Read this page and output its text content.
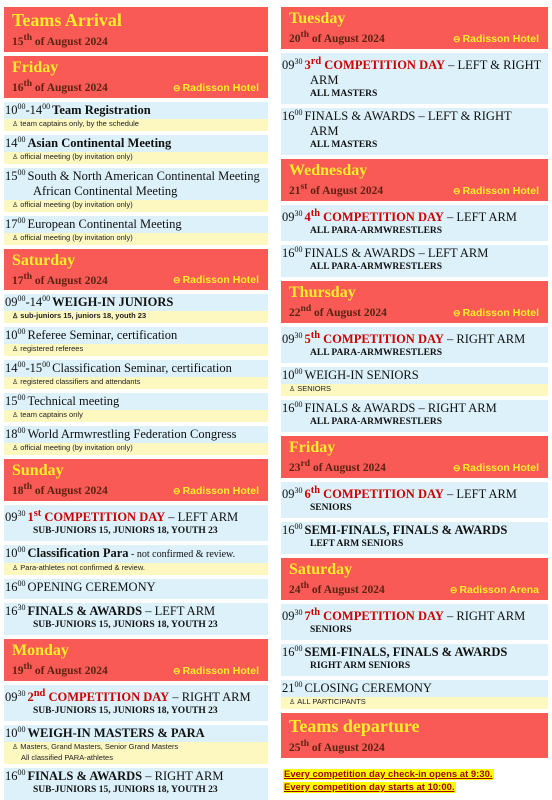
Teams Arrival
15th of August 2024
Friday
16th of August 2024	⊖ Radisson Hotel
$10^{00}-14^{00}$ Team Registration
♙ team captains only, by the schedule
$14^{00}$ Asian Continental Meeting
♙ official meeting (by invitation only)
$15^{00}$ South & North American Continental Meeting
African Continental Meeting
♙ official meeting (by invitation only)
$17^{00}$ European Continental Meeting
♙ official meeting (by invitation only)
Saturday
17th of August 2024	⊖ Radisson Hotel
$09^{00}-14^{00}$ WEIGH-IN JUNIORS
♙ sub-juniors 15, juniors 18, youth 23
$10^{00}$ Referee Seminar, certification
♙ registered referees
$14^{00}-15^{00}$ Classification Seminar, certification
♙ registered classifiers and attendants
$15^{00}$ Technical meeting
♙ team captains only
$18^{00}$ World Armwrestling Federation Congress
♙ official meeting (by invitation only)
Sunday
18th of August 2024	⊖ Radisson Hotel
$09^{30}$ 1st COMPETITION DAY – LEFT ARM
SUB-JUNIORS 15, JUNIORS 18, YOUTH 23
$10^{00}$ Classification Para - not confirmed & review.
♙ Para-athletes not confirmed & review.
$16^{00}$ OPENING CEREMONY
$16^{30}$ FINALS & AWARDS – LEFT ARM
SUB-JUNIORS 15, JUNIORS 18, YOUTH 23
Monday
19th of August 2024	⊖ Radisson Hotel
$09^{30}$ 2nd COMPETITION DAY – RIGHT ARM
SUB-JUNIORS 15, JUNIORS 18, YOUTH 23
$10^{00}$ WEIGH-IN MASTERS & PARA
♙ Masters, Grand Masters, Senior Grand Masters
All classified PARA-athletes
$16^{00}$ FINALS & AWARDS – RIGHT ARM
SUB-JUNIORS 15, JUNIORS 18, YOUTH 23
Tuesday
20th of August 2024	⊖ Radisson Hotel
$09^{30}$ 3rd COMPETITION DAY – LEFT & RIGHT
ARM
ALL MASTERS
$16^{00}$ FINALS & AWARDS – LEFT & RIGHT
ARM
ALL MASTERS
Wednesday
21st of August 2024	⊖ Radisson Hotel
$09^{30}$ 4th COMPETITION DAY – LEFT ARM
ALL PARA-ARMWRESTLERS
$16^{00}$ FINALS & AWARDS – LEFT ARM
ALL PARA-ARMWRESTLERS
Thursday
22nd of August 2024	⊖ Radisson Hotel
$09^{30}$ 5th COMPETITION DAY – RIGHT ARM
ALL PARA-ARMWRESTLERS
$10^{00}$ WEIGH-IN SENIORS
♙ SENIORS
$16^{00}$ FINALS & AWARDS – RIGHT ARM
ALL PARA-ARMWRESTLERS
Friday
23rd of August 2024	⊖ Radisson Hotel
$09^{30}$ 6th COMPETITION DAY – LEFT ARM
SENIORS
$16^{00}$ SEMI-FINALS, FINALS & AWARDS
LEFT ARM SENIORS
Saturday
24th of August 2024	⊖ Radisson Arena
$09^{30}$ 7th COMPETITION DAY – RIGHT ARM
SENIORS
$16^{00}$ SEMI-FINALS, FINALS & AWARDS
RIGHT ARM SENIORS
$21^{00}$ CLOSING CEREMONY
♙ ALL PARTICIPANTS
Teams departure
25th of August 2024
Every competition day check-in opens at 9:30.
Every competition day starts at 10:00.
